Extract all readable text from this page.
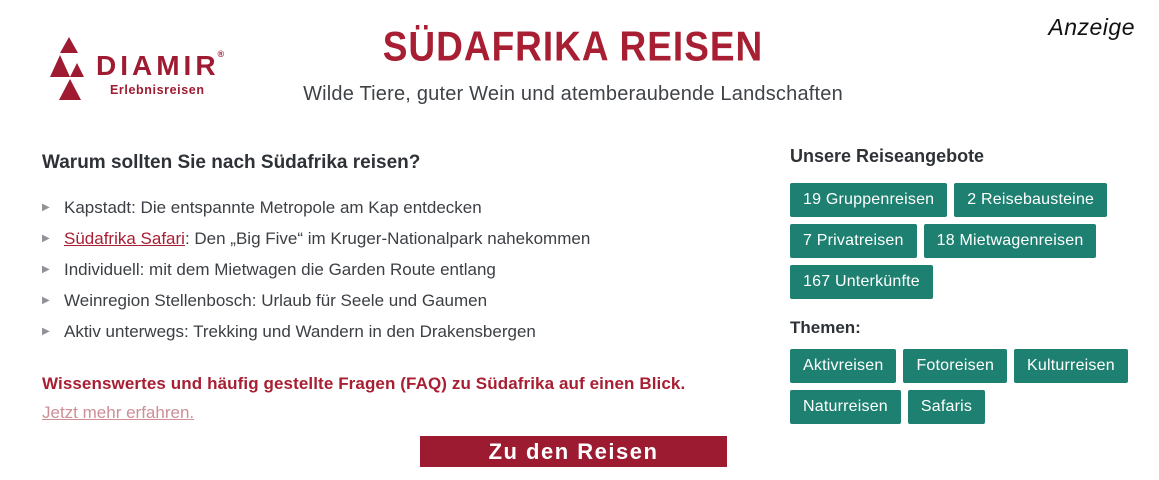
Anzeige
DIAMIR®
Erlebnisreisen
SÜDAFRIKA REISEN
Wilde Tiere, guter Wein und atemberaubende Landschaften
Warum sollten Sie nach Südafrika reisen?
▶ Kapstadt: Die entspannte Metropole am Kap entdecken
▶ Südafrika Safari: Den „Big Five“ im Kruger-Nationalpark nahekommen
▶ Individuell: mit dem Mietwagen die Garden Route entlang
▶ Weinregion Stellenbosch: Urlaub für Seele und Gaumen
▶ Aktiv unterwegs: Trekking und Wandern in den Drakensbergen

Wissenswertes und häufig gestellte Fragen (FAQ) zu Südafrika auf einen Blick.

Jetzt mehr erfahren.
Unsere Reiseangebote
19 Gruppenreisen	2 Reisebausteine
7 Privatreisen	18 Mietwagenreisen
167 Unterkünfte
Themen:
Aktivreisen	Fotoreisen	Kulturreisen
Naturreisen	Safaris
Zu den Reisen
